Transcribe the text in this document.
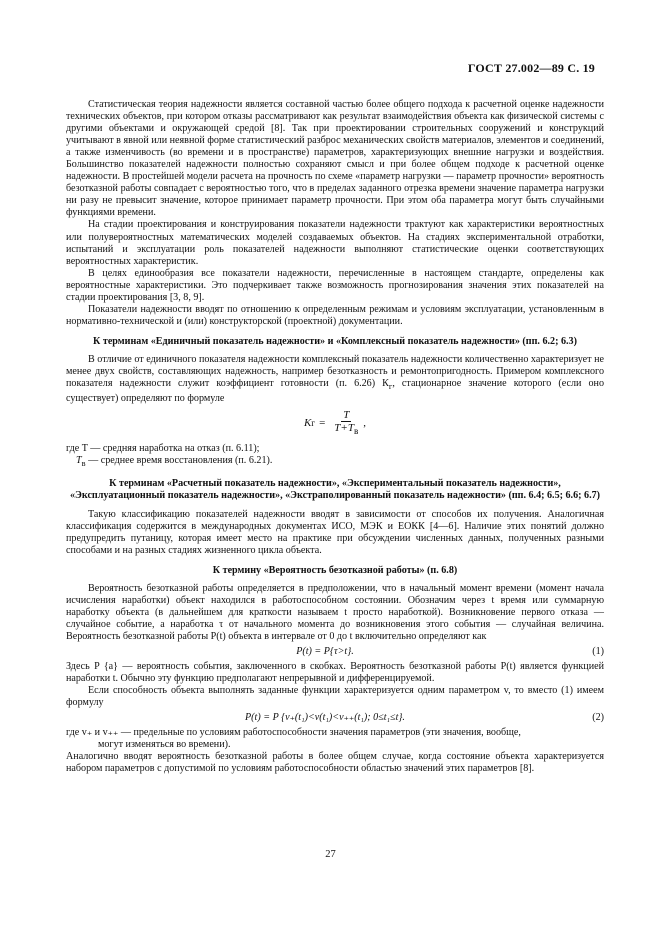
ГОСТ 27.002—89 С. 19

Статистическая теория надежности является составной частью более общего подхода к расчетной оценке надежности технических объектов, при котором отказы рассматривают как результат взаимодействия объекта как физической системы с другими объектами и окружающей средой [8]. Так при проектировании строительных сооружений и конструкций учитывают в явной или неявной форме статистический разброс механических свойств материалов, элементов и соединений, а также изменчивость (во времени и в пространстве) параметров, характеризующих внешние нагрузки и воздействия. Большинство показателей надежности полностью сохраняют смысл и при более общем подходе к расчетной оценке надежности. В простейшей модели расчета на прочность по схеме «параметр нагрузки — параметр прочности» вероятность безотказной работы совпадает с вероятностью того, что в пределах заданного отрезка времени значение параметра нагрузки ни разу не превысит значение, которое принимает параметр прочности. При этом оба параметра могут быть случайными функциями времени.

На стадии проектирования и конструирования показатели надежности трактуют как характеристики вероятностных или полувероятностных математических моделей создаваемых объектов. На стадиях экспериментальной отработки, испытаний и эксплуатации роль показателей надежности выполняют статистические оценки соответствующих вероятностных характеристик.

В целях единообразия все показатели надежности, перечисленные в настоящем стандарте, определены как вероятностные характеристики. Это подчеркивает также возможность прогнозирования значения этих показателей на стадии проектирования [3, 8, 9].

Показатели надежности вводят по отношению к определенным режимам и условиям эксплуатации, установленным в нормативно-технической и (или) конструкторской (проектной) документации.

К терминам «Единичный показатель надежности» и «Комплексный показатель надежности» (пп. 6.2; 6.3)

В отличие от единичного показателя надежности комплексный показатель надежности количественно характеризует не менее двух свойств, составляющих надежность, например безотказность и ремонтопригодность. Примером комплексного показателя надежности служит коэффициент готовности (п. 6.26) $К_г$, стационарное значение которого (если оно существует) определяют по формуле

K $г = \frac{T}{T+T_в}$ ,

где T — средняя наработка на отказ (п. 6.11);

$T_в$ — среднее время восстановления (п. 6.21).

К терминам «Расчетный показатель надежности», «Экспериментальный показатель надежности», «Эксплуатационный показатель надежности», «Экстраполированный показатель надежности» (пп. 6.4; 6.5; 6.6; 6.7)

Такую классификацию показателей надежности вводят в зависимости от способов их получения. Аналогичная классификация содержится в международных документах ИСО, МЭК и ЕОКК [4—6]. Наличие этих понятий должно предупредить путаницу, которая имеет место на практике при обсуждении численных данных, полученных разными способами и на разных стадиях жизненного цикла объекта.

К термину «Вероятность безотказной работы» (п. 6.8)

Вероятность безотказной работы определяется в предположении, что в начальный момент времени (момент начала исчисления наработки) объект находился в работоспособном состоянии. Обозначим через t время или суммарную наработку объекта (в дальнейшем для краткости называем t просто наработкой). Возникновение первого отказа — случайное событие, а наработка τ от начального момента до возникновения этого события — случайная величина. Вероятность безотказной работы P(t) объекта в интервале от 0 до t включительно определяют как

P(t) = P{τ>t}.	(1)

Здесь P {a} — вероятность события, заключенного в скобках. Вероятность безотказной работы P(t) является функцией наработки t. Обычно эту функцию предполагают непрерывной и дифференцируемой.

Если способность объекта выполнять заданные функции характеризуется одним параметром v, то вместо (1) имеем формулу

P(t) = P {v₊(t₁)<v(t₁)<v₊₊(t₁); 0≤t₁≤t}.	(2)

где v₊ и v₊₊ — предельные по условиям работоспособности значения параметров (эти значения, вообще,

могут изменяться во времени).

Аналогично вводят вероятность безотказной работы в более общем случае, когда состояние объекта характеризуется набором параметров с допустимой по условиям работоспособности областью значений этих параметров [8].

27
